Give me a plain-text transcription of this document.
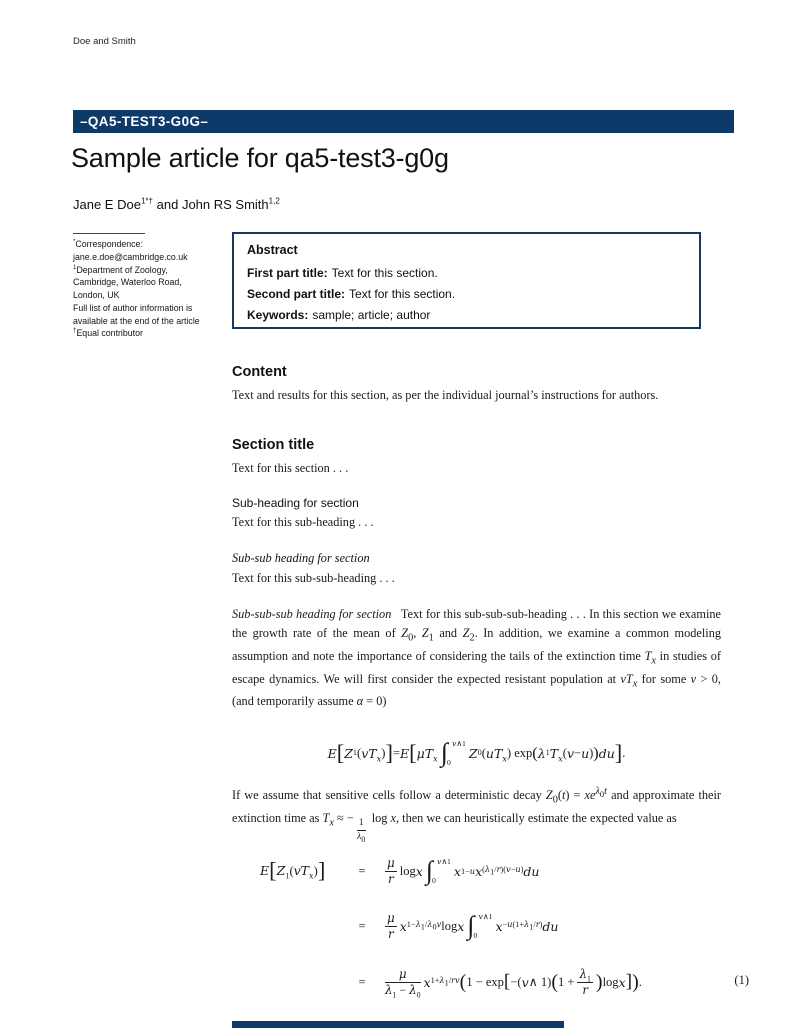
Doe and Smith
–QA5-TEST3-G0G–
Sample article for qa5-test3-g0g
Jane E Doe$^{1*\dagger}$ and John RS Smith$^{1,2}$
*Correspondence:
jane.e.doe@cambridge.co.uk
$^1$Department of Zoology,
Cambridge, Waterloo Road,
London, UK
Full list of author information is
available at the end of the article
†Equal contributor
Abstract
First part title: Text for this section.
Second part title: Text for this section.
Keywords: sample; article; author
Content
Text and results for this section, as per the individual journal’s instructions for authors.
Section title
Text for this section . . .
Sub-heading for section
Text for this sub-heading . . .
Sub-sub heading for section
Text for this sub-sub-heading . . .
Sub-sub-sub heading for section   Text for this sub-sub-sub-heading . . . In this section we examine the growth rate of the mean of $Z_0$, $Z_1$ and $Z_2$. In addition, we examine a common modeling assumption and note the importance of considering the tails of the extinction time $T_x$ in studies of escape dynamics. We will first consider the expected resistant population at $vT_x$ for some v > 0, (and temporarily assume α = 0)
E [ Z 1 ( $vT_x$ ) ] = E [ $\mu T_x$ ∫ v∧1
0
Z 0 ( $uT_x$ ) exp ( λ 1 $T_x$ ( v − u ) ) du ] .
If we assume that sensitive cells follow a deterministic decay $Z_0(t) = xe^{\lambda_0t}$ and approximate their extinction time as $T_x$ ≈ −
$\frac{1}{\lambda_0}$
log x, then we can heuristically estimate the expected value as
$E[Z_1(vT_x)]$	=	$\frac{\mu}{r}$ log x ∫ v∧1
0
x 1−u x $(\lambda_1/r)(v-u)$ du
=	$\frac{\mu}{r}$ x $1-\lambda_1/\lambda_0v$ log x ∫ v∧1
0
$x -u(1+\lambda_1/r)$ du
=	$\frac{\mu}{\lambda_1 - \lambda_0}$ x $1+\lambda_1/rv$ ( 1 − exp [ −( v ∧ 1) ( $1 + \frac{\lambda_1}{r}$ ) log x ] ) .	(1)
